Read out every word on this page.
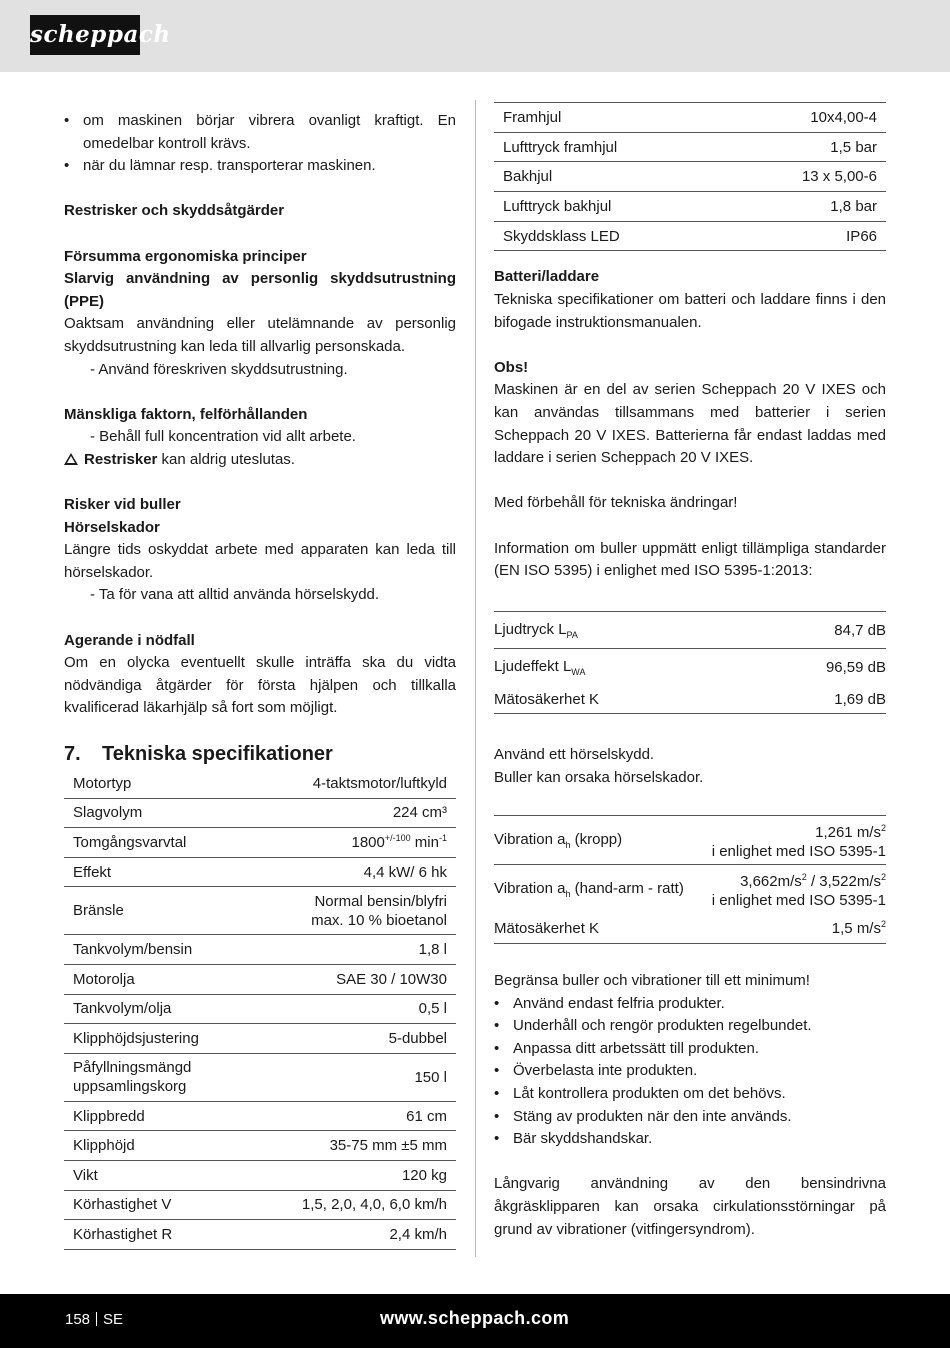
scheppach

• om maskinen börjar vibrera ovanligt kraftigt. En omedelbar kontroll krävs.

• när du lämnar resp. transporterar maskinen.

Restrisker och skyddsåtgärder

Försumma ergonomiska principer

Slarvig användning av personlig skyddsutrustning (PPE)

Oaktsam användning eller utelämnande av personlig skyddsutrustning kan leda till allvarlig personskada.

- Använd föreskriven skyddsutrustning.

Mänskliga faktorn, felförhållanden

- Behåll full koncentration vid allt arbete.

Restrisker kan aldrig uteslutas.

Risker vid buller

Hörselskador

Längre tids oskyddat arbete med apparaten kan leda till hörselskador.

- Ta för vana att alltid använda hörselskydd.

Agerande i nödfall

Om en olycka eventuellt skulle inträffa ska du vidta nödvändiga åtgärder för första hjälpen och tillkalla kvalificerad läkarhjälp så fort som möjligt.

7. Tekniska specifikationer
Motortyp	4-taktsmotor/luftkyld
Slagvolym	224 cm³
Tomgångsvarvtal	$1800^{+/-100}$ $\min^{-1}$
Effekt	4,4 kW/ 6 hk
Bränsle	Normal bensin/blyfri
max. 10 % bioetanol
Tankvolym/bensin	1,8 l
Motorolja	SAE 30 / 10W30
Tankvolym/olja	0,5 l
Klipphöjdsjustering	5-dubbel
Påfyllningsmängd
uppsamlingskorg	150 l
Klippbredd	61 cm
Klipphöjd	35-75 mm ±5 mm
Vikt	120 kg
Körhastighet V	1,5, 2,0, 4,0, 6,0 km/h
Körhastighet R	2,4 km/h
Framhjul	10x4,00-4
Lufttryck framhjul	1,5 bar
Bakhjul	13 x 5,00-6
Lufttryck bakhjul	1,8 bar
Skyddsklass LED	IP66

Batteri/laddare

Tekniska specifikationer om batteri och laddare finns i den bifogade instruktionsmanualen.

Obs!

Maskinen är en del av serien Scheppach 20 V IXES och kan användas tillsammans med batterier i serien Scheppach 20 V IXES. Batterierna får endast laddas med laddare i serien Scheppach 20 V IXES.

Med förbehåll för tekniska ändringar!

Information om buller uppmätt enligt tillämpliga standarder (EN ISO 5395) i enlighet med ISO 5395-1:2013:

Ljudtryck $L_{PA}$	84,7 dB
Ljudeffekt $L_{WA}$	96,59 dB
Mätosäkerhet K	1,69 dB

Använd ett hörselskydd.

Buller kan orsaka hörselskador.

Vibration $a_h$ (kropp)	1,261 $m/s^2$
i enlighet med ISO 5395-1
Vibration $a_h$ (hand-arm - ratt)	$3,662m/s^2 / 3,522m/s^2$
i enlighet med ISO 5395-1
Mätosäkerhet K	1,5 $m/s^2$

Begränsa buller och vibrationer till ett minimum!

• Använd endast felfria produkter.

• Underhåll och rengör produkten regelbundet.

• Anpassa ditt arbetssätt till produkten.

• Överbelasta inte produkten.

• Låt kontrollera produkten om det behövs.

• Stäng av produkten när den inte används.

• Bär skyddshandskar.

Långvarig användning av den bensindrivna åkgräsklipparen kan orsaka cirkulationsstörningar på grund av vibrationer (vitfingersyndrom).

158 SE	www.scheppach.com
